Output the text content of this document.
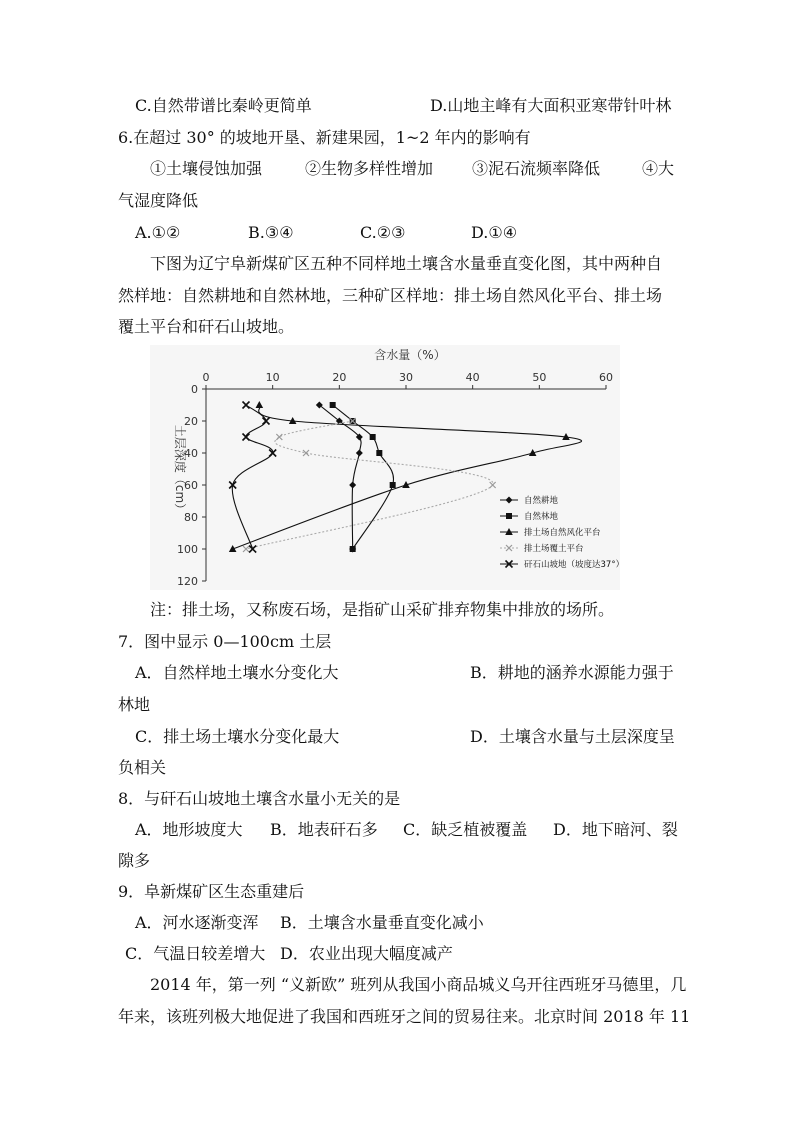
C.自然带谱比秦岭更简单	D.山地主峰有大面积亚寒带针叶林
6.在超过 30° 的坡地开垦、新建果园，1~2 年内的影响有
①土壤侵蚀加强	②生物多样性增加 ③泥石流频率降低	④大
气湿度降低
A.①②	B.③④	C.②③	D.①④
下图为辽宁阜新煤矿区五种不同样地土壤含水量垂直变化图，其中两种自
然样地：自然耕地和自然林地，三种矿区样地：排土场自然风化平台、排土场
覆土平台和矸石山坡地。
含水量（%）
土层深度（cm）
0	10	20	30	40	50	60
0
20
40
60
80
100
120
自然耕地
自然林地
排土场自然风化平台
排土场覆土平台
矸石山坡地（坡度达37°）
注：排土场，又称废石场，是指矿山采矿排弃物集中排放的场所。
7．图中显示 0—100cm 土层
A．自然样地土壤水分变化大	B．耕地的涵养水源能力强于
林地
C．排土场土壤水分变化最大	D．土壤含水量与土层深度呈
负相关
8．与矸石山坡地土壤含水量小无关的是
A．地形坡度大 B．地表矸石多 C．缺乏植被覆盖 D．地下暗河、裂
隙多
9．阜新煤矿区生态重建后
A．河水逐渐变浑 B．土壤含水量垂直变化减小
C．气温日较差增大 D．农业出现大幅度减产
2014 年，第一列 “义新欧” 班列从我国小商品城义乌开往西班牙马德里，几
年来，该班列极大地促进了我国和西班牙之间的贸易往来。北京时间 2018 年 11
